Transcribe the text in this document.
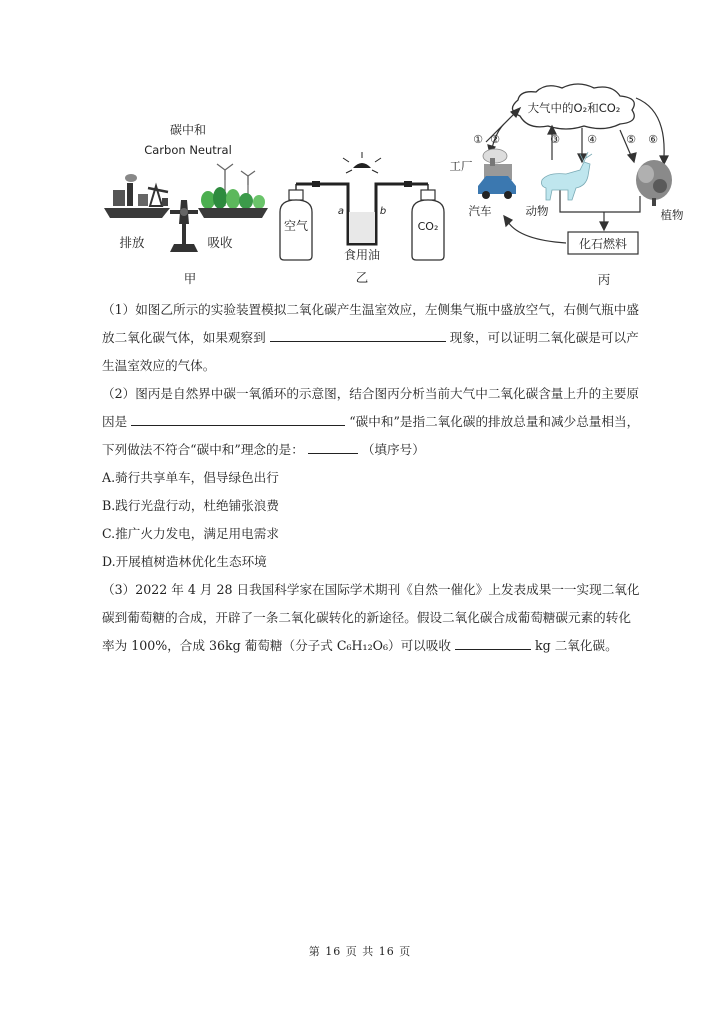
碳中和
Carbon Neutral
排放	吸收
甲
空气	CO₂
a	b
食用油
乙
大气中的O₂和CO₂
① ②	③ ④	⑤ ⑥
工厂
汽车	动物	植物
化石燃料
丙

（1）如图乙所示的实验装置模拟二氧化碳产生温室效应，左侧集气瓶中盛放空气，右侧气瓶中盛放二氧化碳气体，如果观察到	现象，可以证明二氧化碳是可以产生温室效应的气体。

（2）图丙是自然界中碳一氧循环的示意图，结合图丙分析当前大气中二氧化碳含量上升的主要原因是	“碳中和”是指二氧化碳的排放总量和减少总量相当，下列做法不符合“碳中和”理念的是：	（填序号）

A.骑行共享单车，倡导绿色出行

B.践行光盘行动，杜绝铺张浪费

C.推广火力发电，满足用电需求

D.开展植树造林优化生态环境

（3）2022 年 4 月 28 日我国科学家在国际学术期刊《自然一催化》上发表成果一一实现二氧化碳到葡萄糖的合成，开辟了一条二氧化碳转化的新途径。假设二氧化碳合成葡萄糖碳元素的转化率为 100%，合成 36kg 葡萄糖（分子式 C₆H₁₂O₆）可以吸收	kg 二氧化碳。

第 16 页 共 16 页
